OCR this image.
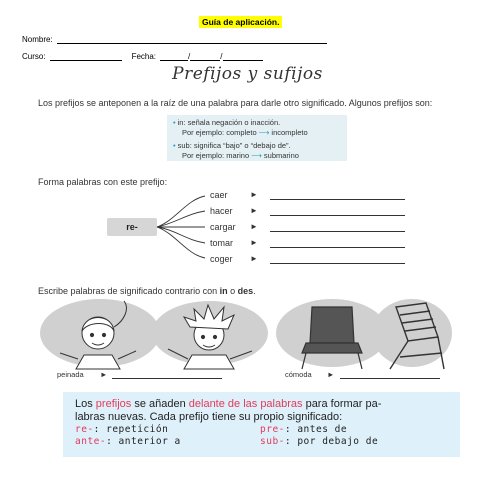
Guía de aplicación.
Nombre:
Curso:	Fecha:	/	/
Prefijos y sufijos
Los prefijos se anteponen a la raíz de una palabra para darle otro significado. Algunos prefijos son:
• in: señala negación o inacción.
Por ejemplo: completo ⟶ incompleto
• sub: significa “bajo” o “debajo de”.
Por ejemplo: marino ⟶ submarino
Forma palabras con este prefijo:
re-
caer	►
hacer	►
cargar	►
tomar	►
coger	►
Escribe palabras de significado contrario con in o des.
peinada ►	cómoda ►
Los prefijos se añaden delante de las palabras para formar pa-
labras nuevas. Cada prefijo tiene su propio significado:
re-: repetición	pre-: antes de
ante-: anterior a	sub-: por debajo de
